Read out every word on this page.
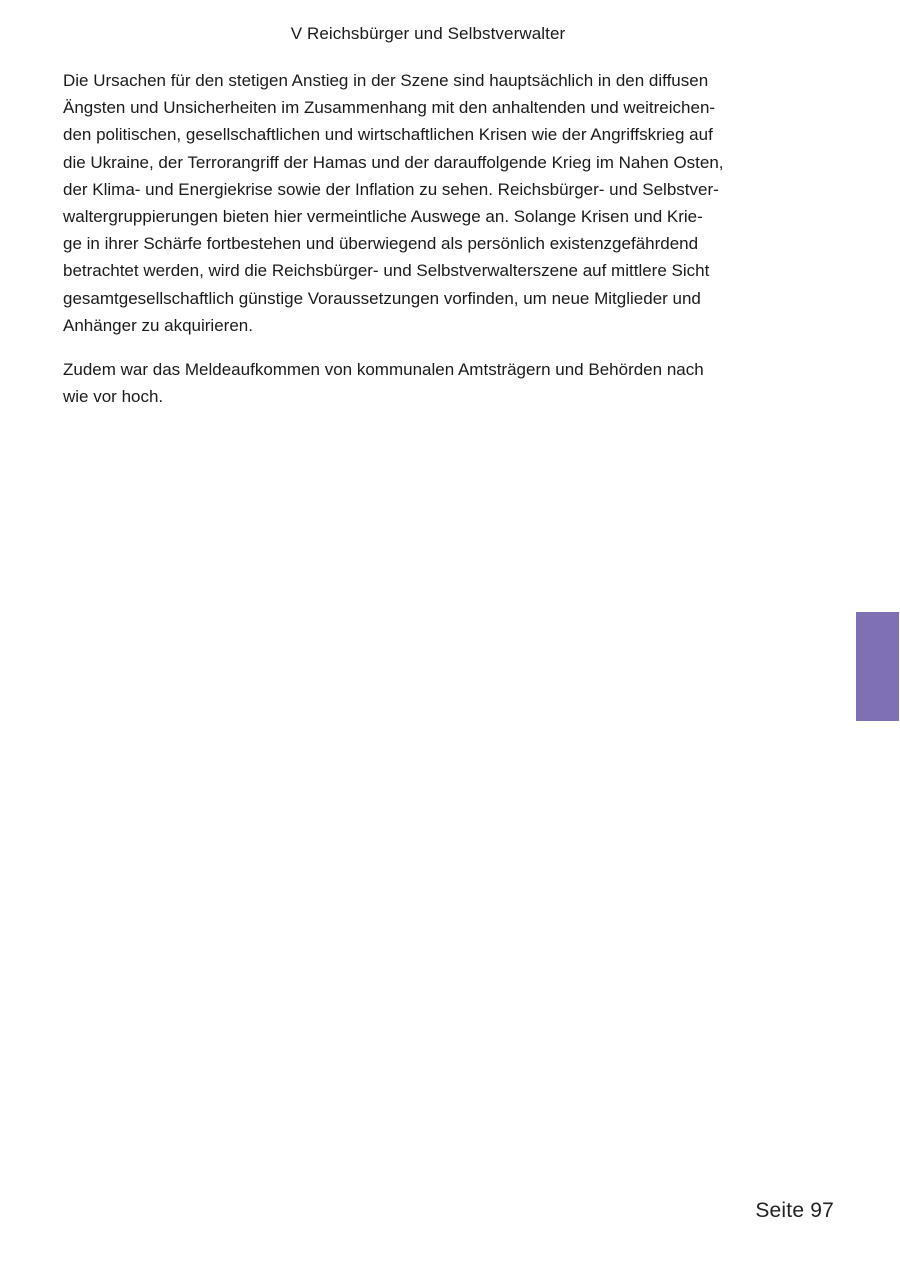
V Reichsbürger und Selbstverwalter

Die Ursachen für den stetigen Anstieg in der Szene sind hauptsächlich in den diffusen
Ängsten und Unsicherheiten im Zusammenhang mit den anhaltenden und weitreichen-
den politischen, gesellschaftlichen und wirtschaftlichen Krisen wie der Angriffskrieg auf
die Ukraine, der Terrorangriff der Hamas und der darauffolgende Krieg im Nahen Osten,
der Klima- und Energiekrise sowie der Inflation zu sehen. Reichsbürger- und Selbstver-
waltergruppierungen bieten hier vermeintliche Auswege an. Solange Krisen und Krie-
ge in ihrer Schärfe fortbestehen und überwiegend als persönlich existenzgefährdend
betrachtet werden, wird die Reichsbürger- und Selbstverwalterszene auf mittlere Sicht
gesamtgesellschaftlich günstige Voraussetzungen vorfinden, um neue Mitglieder und
Anhänger zu akquirieren.

Zudem war das Meldeaufkommen von kommunalen Amtsträgern und Behörden nach
wie vor hoch.

Seite 97
